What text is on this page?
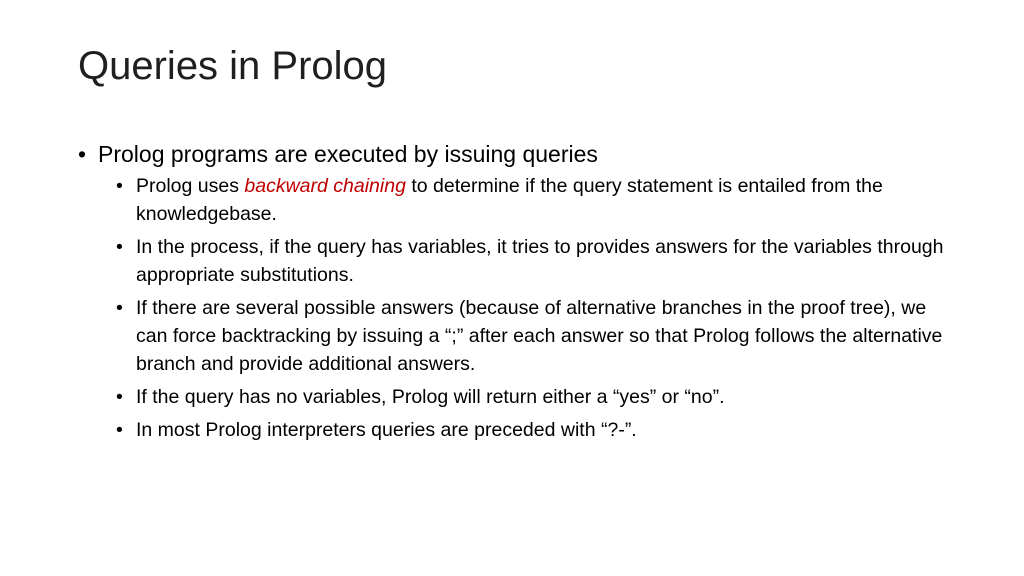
Queries in Prolog
• Prolog programs are executed by issuing queries
• Prolog uses backward chaining to determine if the query statement is entailed from the knowledgebase.
• In the process, if the query has variables, it tries to provides answers for the variables through appropriate substitutions.
• If there are several possible answers (because of alternative branches in the proof tree), we can force backtracking by issuing a “;” after each answer so that Prolog follows the alternative branch and provide additional answers.
• If the query has no variables, Prolog will return either a “yes” or “no”.
• In most Prolog interpreters queries are preceded with “?-”.
